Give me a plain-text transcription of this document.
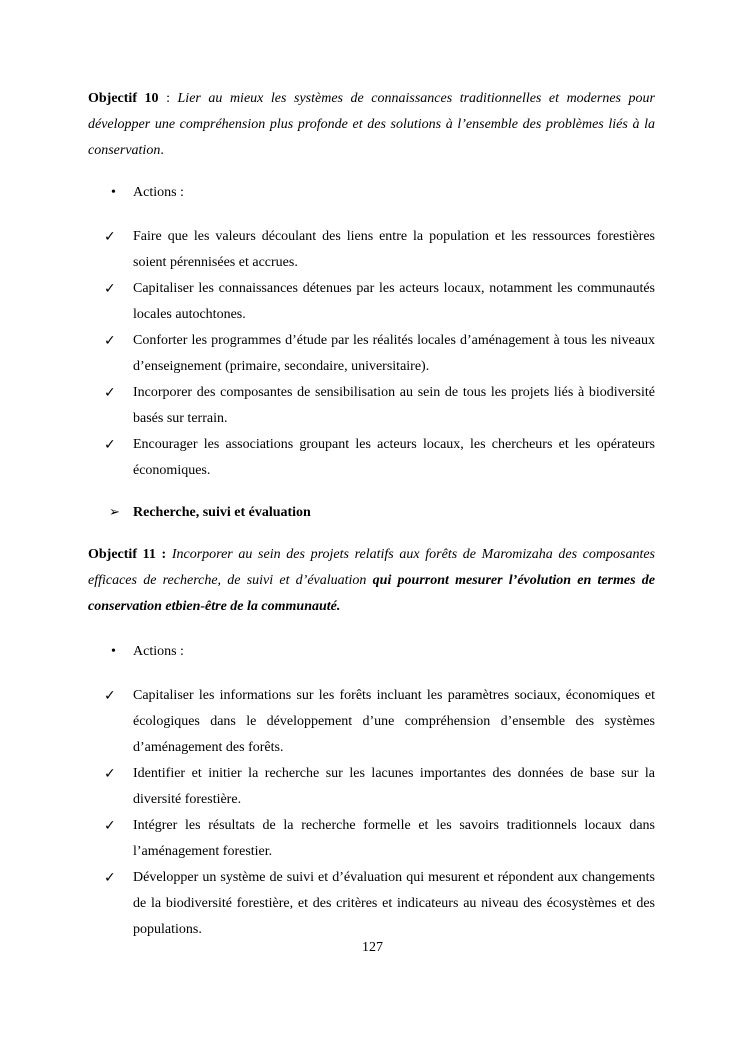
Objectif 10 : Lier au mieux les systèmes de connaissances traditionnelles et modernes pour développer une compréhension plus profonde et des solutions à l’ensemble des problèmes liés à la conservation.

• Actions :
✓	Faire que les valeurs découlant des liens entre la population et les ressources forestières soient pérennisées et accrues.
✓	Capitaliser les connaissances détenues par les acteurs locaux, notamment les communautés locales autochtones.
✓	Conforter les programmes d’étude par les réalités locales d’aménagement à tous les niveaux d’enseignement (primaire, secondaire, universitaire).
✓	Incorporer des composantes de sensibilisation au sein de tous les projets liés à biodiversité basés sur terrain.
✓	Encourager les associations groupant les acteurs locaux, les chercheurs et les opérateurs économiques.
➢ Recherche, suivi et évaluation

Objectif 11 : Incorporer au sein des projets relatifs aux forêts de Maromizaha des composantes efficaces de recherche, de suivi et d’évaluation qui pourront mesurer l’évolution en termes de conservation etbien-être de la communauté.

• Actions :
✓	Capitaliser les informations sur les forêts incluant les paramètres sociaux, économiques et écologiques dans le développement d’une compréhension d’ensemble des systèmes d’aménagement des forêts.
✓	Identifier et initier la recherche sur les lacunes importantes des données de base sur la diversité forestière.
✓	Intégrer les résultats de la recherche formelle et les savoirs traditionnels locaux dans l’aménagement forestier.
✓	Développer un système de suivi et d’évaluation qui mesurent et répondent aux changements de la biodiversité forestière, et des critères et indicateurs au niveau des écosystèmes et des populations.
127
